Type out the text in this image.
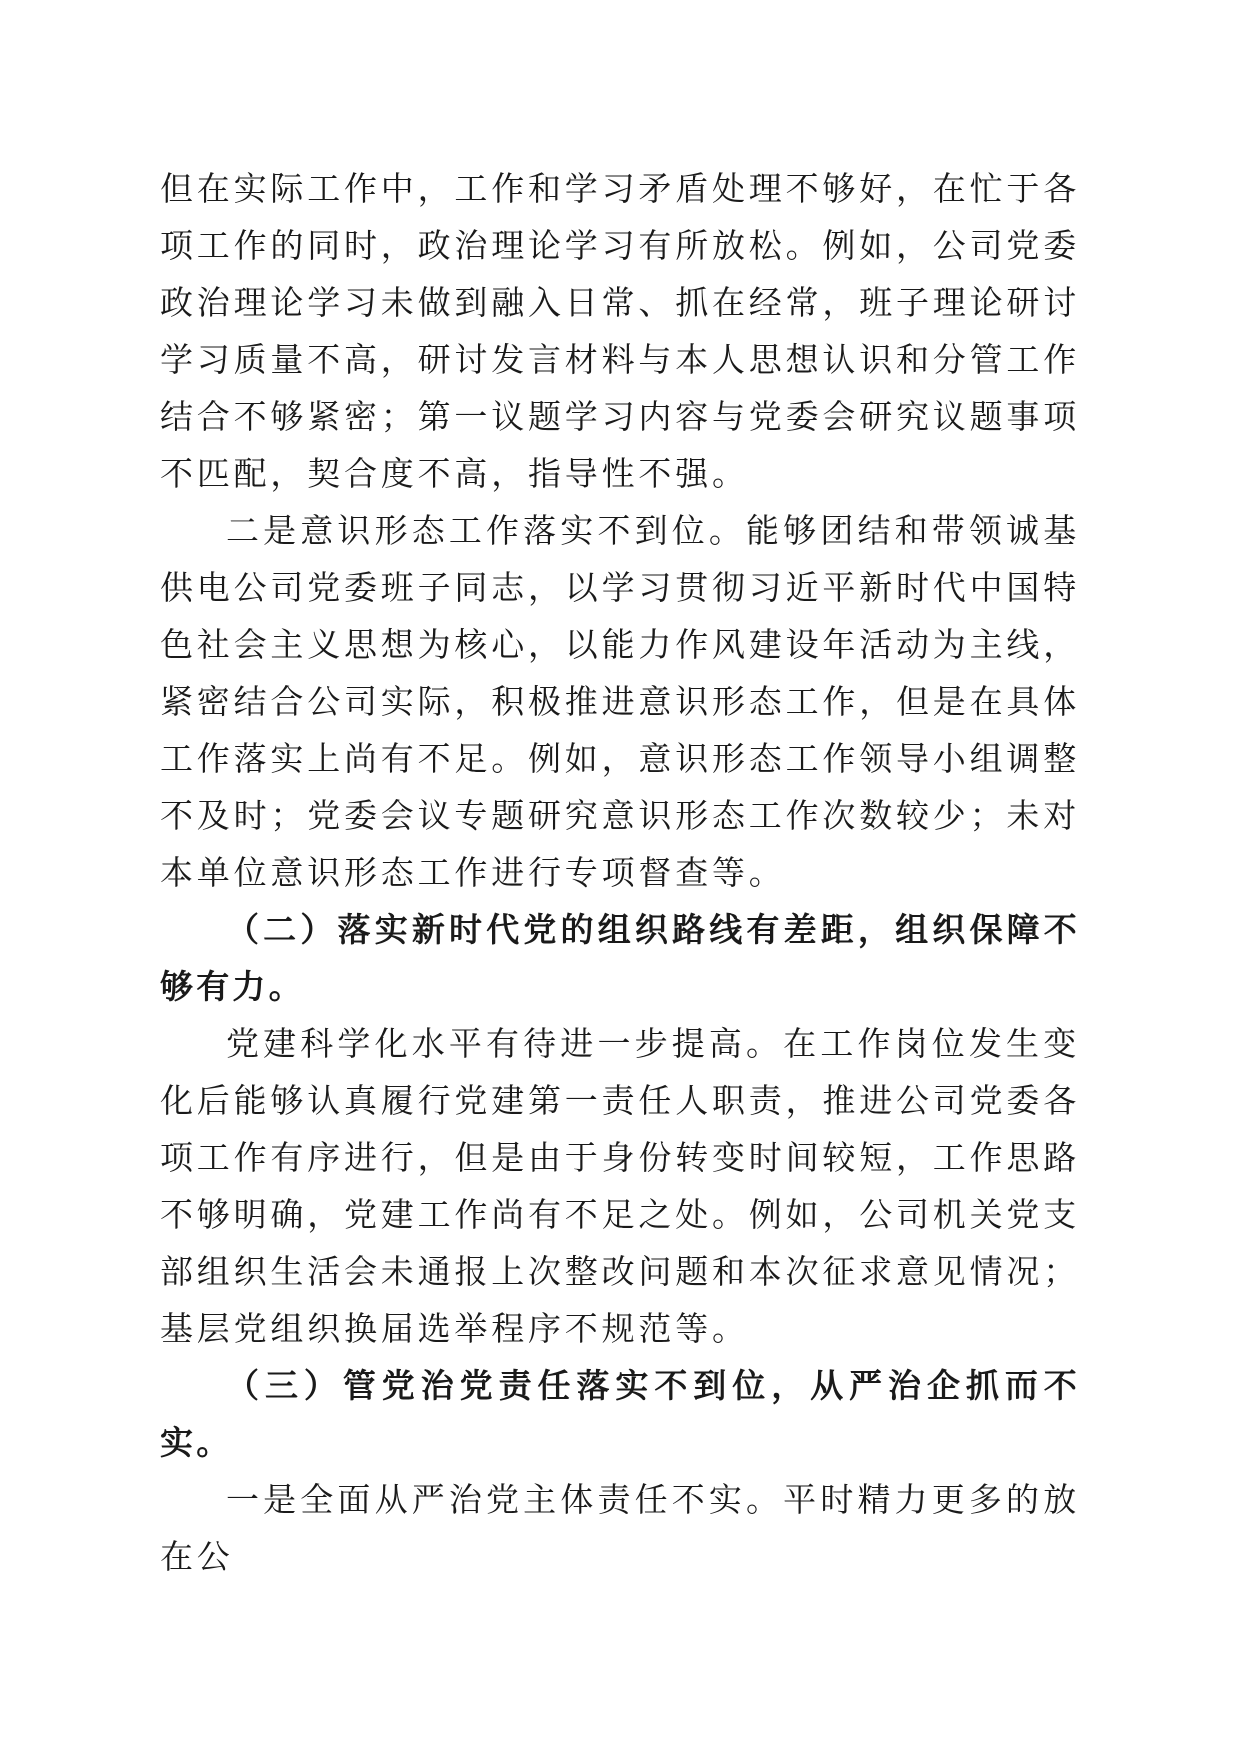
但在实际工作中，工作和学习矛盾处理不够好，在忙于各项工作的同时，政治理论学习有所放松。例如，公司党委政治理论学习未做到融入日常、抓在经常，班子理论研讨学习质量不高，研讨发言材料与本人思想认识和分管工作结合不够紧密；第一议题学习内容与党委会研究议题事项不匹配，契合度不高，指导性不强。

二是意识形态工作落实不到位。能够团结和带领诚基供电公司党委班子同志，以学习贯彻习近平新时代中国特色社会主义思想为核心，以能力作风建设年活动为主线，紧密结合公司实际，积极推进意识形态工作，但是在具体工作落实上尚有不足。例如，意识形态工作领导小组调整不及时；党委会议专题研究意识形态工作次数较少；未对本单位意识形态工作进行专项督查等。

（二）落实新时代党的组织路线有差距，组织保障不够有力。

党建科学化水平有待进一步提高。在工作岗位发生变化后能够认真履行党建第一责任人职责，推进公司党委各项工作有序进行，但是由于身份转变时间较短，工作思路不够明确，党建工作尚有不足之处。例如，公司机关党支部组织生活会未通报上次整改问题和本次征求意见情况；基层党组织换届选举程序不规范等。

（三）管党治党责任落实不到位，从严治企抓而不实。

一是全面从严治党主体责任不实。平时精力更多的放在公
